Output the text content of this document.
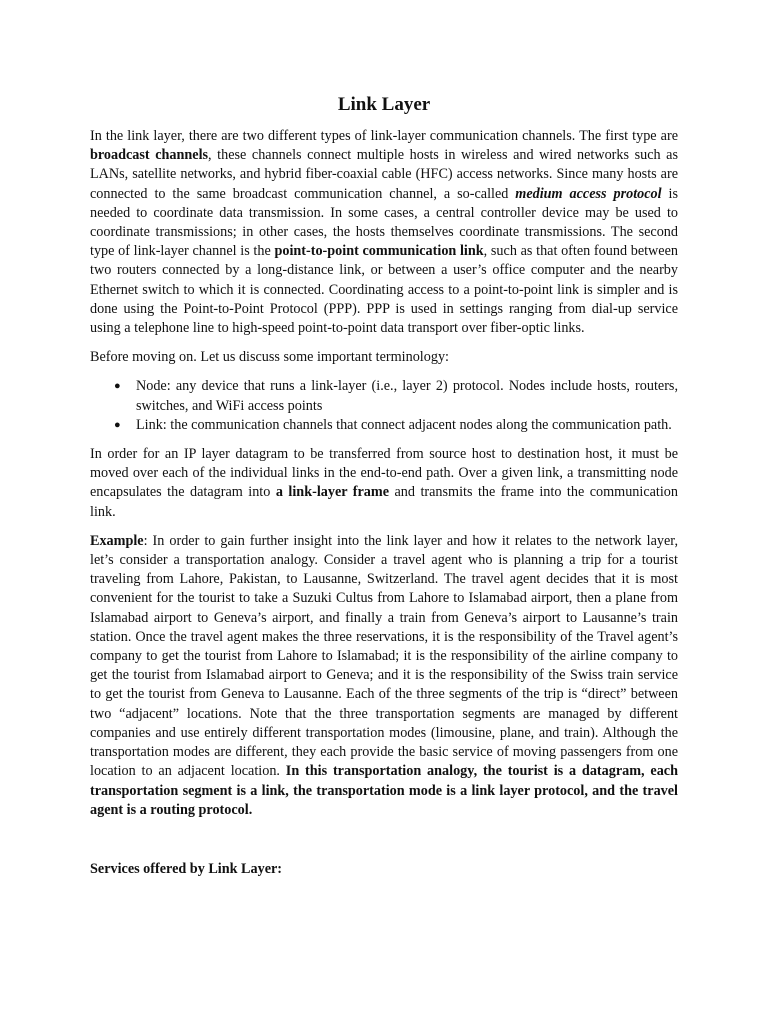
Link Layer

In the link layer, there are two different types of link-layer communication channels. The first type are broadcast channels, these channels connect multiple hosts in wireless and wired networks such as LANs, satellite networks, and hybrid fiber-coaxial cable (HFC) access networks. Since many hosts are connected to the same broadcast communication channel, a so-called medium access protocol is needed to coordinate data transmission. In some cases, a central controller device may be used to coordinate transmissions; in other cases, the hosts themselves coordinate transmissions. The second type of link-layer channel is the point-to-point communication link, such as that often found between two routers connected by a long-distance link, or between a user’s office computer and the nearby Ethernet switch to which it is connected. Coordinating access to a point-to-point link is simpler and is done using the Point-to-Point Protocol (PPP). PPP is used in settings ranging from dial-up service using a telephone line to high-speed point-to-point data transport over fiber-optic links.

Before moving on. Let us discuss some important terminology:

● Node: any device that runs a link-layer (i.e., layer 2) protocol. Nodes include hosts, routers, switches, and WiFi access points
● Link: the communication channels that connect adjacent nodes along the communication path.

In order for an IP layer datagram to be transferred from source host to destination host, it must be moved over each of the individual links in the end-to-end path. Over a given link, a transmitting node encapsulates the datagram into a link-layer frame and transmits the frame into the communication link.

Example: In order to gain further insight into the link layer and how it relates to the network layer, let’s consider a transportation analogy. Consider a travel agent who is planning a trip for a tourist traveling from Lahore, Pakistan, to Lausanne, Switzerland. The travel agent decides that it is most convenient for the tourist to take a Suzuki Cultus from Lahore to Islamabad airport, then a plane from Islamabad airport to Geneva’s airport, and finally a train from Geneva’s airport to Lausanne’s train station. Once the travel agent makes the three reservations, it is the responsibility of the Travel agent’s company to get the tourist from Lahore to Islamabad; it is the responsibility of the airline company to get the tourist from Islamabad airport to Geneva; and it is the responsibility of the Swiss train service to get the tourist from Geneva to Lausanne. Each of the three segments of the trip is “direct” between two “adjacent” locations. Note that the three transportation segments are managed by different companies and use entirely different transportation modes (limousine, plane, and train). Although the transportation modes are different, they each provide the basic service of moving passengers from one location to an adjacent location. In this transportation analogy, the tourist is a datagram, each transportation segment is a link, the transportation mode is a link layer protocol, and the travel agent is a routing protocol.

Services offered by Link Layer:
